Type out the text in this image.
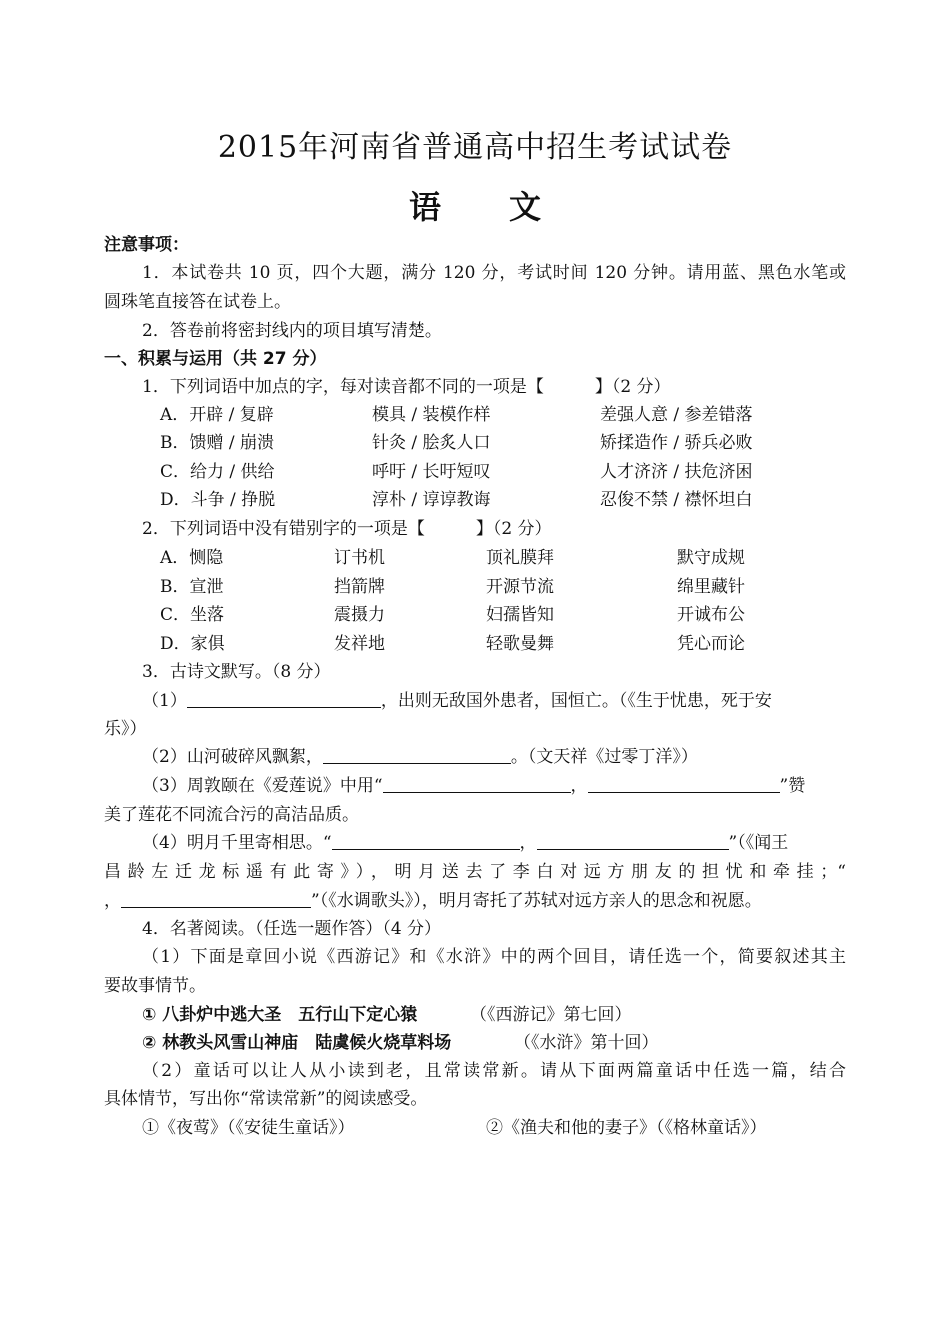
2015年河南省普通高中招生考试试卷
语 文
注意事项：
1．本试卷共 10 页，四个大题，满分 120 分，考试时间 120 分钟。请用蓝、黑色水笔或
圆珠笔直接答在试卷上。
2．答卷前将密封线内的项目填写清楚。
一、积累与运用（共 27 分）
1．下列词语中加点的字，每对读音都不同的一项是【　　　】（2 分）
A．开辟 / 复辟	模具 / 装模作样	差强人意 / 参差错落
B．馈赠 / 崩溃	针灸 / 脍炙人口	矫揉造作 / 骄兵必败
C．给力 / 供给	呼吁 / 长吁短叹	人才济济 / 扶危济困
D．斗争 / 挣脱	淳朴 / 谆谆教诲	忍俊不禁 / 襟怀坦白
2．下列词语中没有错别字的一项是【　　　】（2 分）
A．恻隐	订书机	顶礼膜拜	默守成规
B．宣泄	挡箭牌	开源节流	绵里藏针
C．坐落	震摄力	妇孺皆知	开诚布公
D．家俱	发祥地	轻歌曼舞	凭心而论
3．古诗文默写。（8 分）
（1）	，出则无敌国外患者，国恒亡。（《生于忧患，死于安
乐》）
（2）山河破碎风飘絮，	。（文天祥《过零丁洋》）
（3）周敦颐在《爱莲说》中用“	，	”赞
美了莲花不同流合污的高洁品质。
（4）明月千里寄相思。“	，	”（《闻王
昌龄左迁龙标遥有此寄》），明月送去了李白对远方朋友的担忧和牵挂；“
，	”（《水调歌头》），明月寄托了苏轼对远方亲人的思念和祝愿。
4．名著阅读。（任选一题作答）（4 分）
（1）下面是章回小说《西游记》和《水浒》中的两个回目，请任选一个，简要叙述其主
要故事情节。
① 八卦炉中逃大圣　五行山下定心猿	（《西游记》第七回）
② 林教头风雪山神庙　陆虞候火烧草料场	（《水浒》第十回）
（2）童话可以让人从小读到老，且常读常新。请从下面两篇童话中任选一篇，结合
具体情节，写出你“常读常新”的阅读感受。
①《夜莺》（《安徒生童话》）	②《渔夫和他的妻子》（《格林童话》）
